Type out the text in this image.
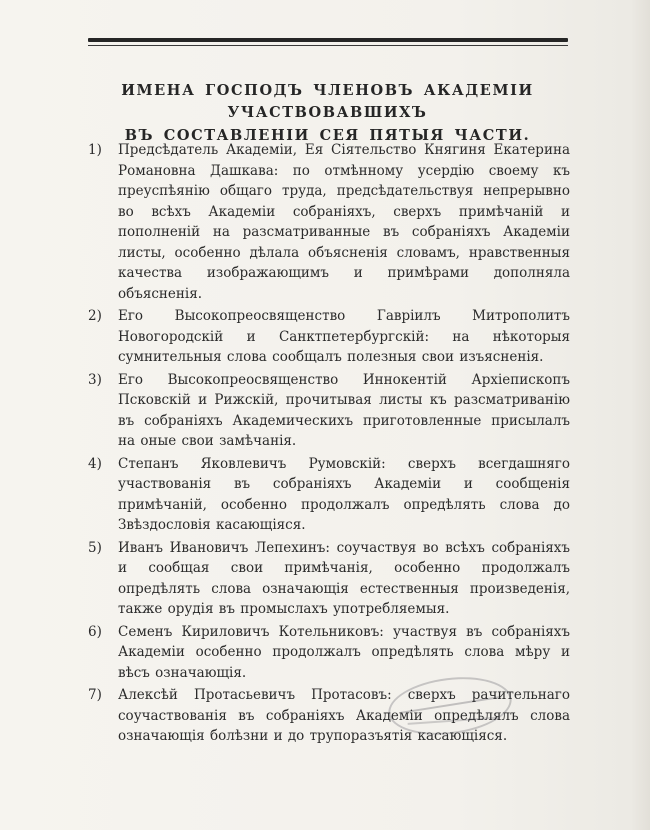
ИМЕНА ГОСПОДЪ ЧЛЕНОВЪ АКАДЕМІИ УЧАСТВОВАВШИХЪ
ВЪ СОСТАВЛЕНІИ СЕЯ ПЯТЫЯ ЧАСТИ.
1)	Предсѣдатель Академіи, Ея Сіятельство Княгиня Екатерина Романовна Дашкава: по отмѣнному усердію своему къ преуспѣянію общаго труда, предсѣдательствуя непрерывно во всѣхъ Академіи собраніяхъ, сверхъ примѣчаній и пополненій на разсматриванные въ собраніяхъ Академіи листы, особенно дѣлала объясненія словамъ, нравственныя качества изображающимъ и примѣрами дополняла объясненія.
2)	Его Высокопреосвященство Гавріилъ Митрополитъ Новогородскій и Санктпетербургскій: на нѣкоторыя сумнительныя слова сообщалъ полезныя свои изъясненія.
3)	Его Высокопреосвященство Иннокентій Архіепископъ Псковскій и Рижскій, прочитывая листы къ разсматриванію въ собраніяхъ Академическихъ приготовленные присылалъ на оные свои замѣчанія.
4)	Степанъ Яковлевичъ Румовскій: сверхъ всегдашняго участвованія въ собраніяхъ Академіи и сообщенія примѣчаній, особенно продолжалъ опредѣлять слова до Звѣздословія касающіяся.
5)	Иванъ Ивановичъ Лепехинъ: соучаствуя во всѣхъ собраніяхъ и сообщая свои примѣчанія, особенно продолжалъ опредѣлять слова означающія естественныя произведенія, также орудія въ промыслахъ употребляемыя.
6)	Семенъ Кириловичъ Котельниковъ: участвуя въ собраніяхъ Академіи особенно продолжалъ опредѣлять слова мѣру и вѣсъ означающія.
7)	Алексѣй Протасьевичъ Протасовъ: сверхъ рачительнаго соучаствованія въ собраніяхъ Академіи опредѣлялъ слова означающія болѣзни и до трупоразъятія касающіяся.
